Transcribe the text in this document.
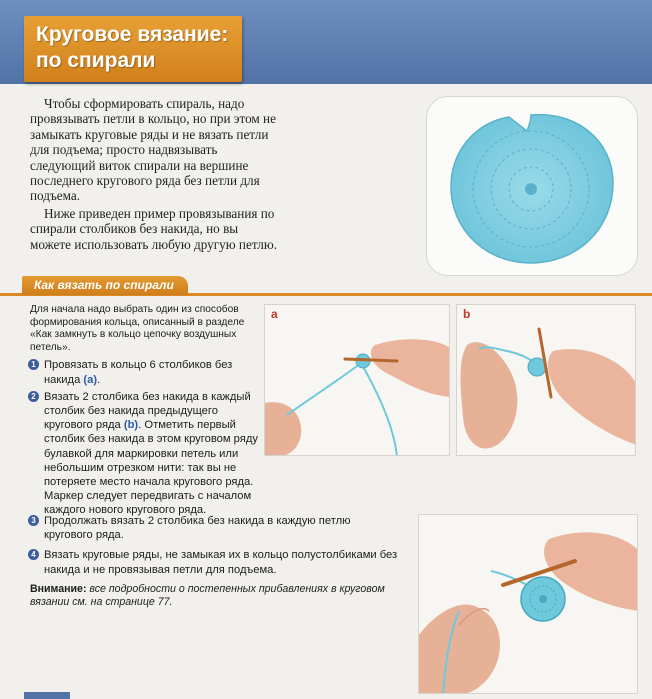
Круговое вязание:
по спирали

Чтобы сформировать спираль, надо провязывать петли в кольцо, но при этом не замыкать круговые ряды и не вязать петли для подъема; просто надвязывать следующий виток спирали на вершине последнего кругового ряда без петли для подъема.

Ниже приведен пример провязывания по спирали столбиков без накида, но вы можете использовать любую другую петлю.

Как вязать по спирали
Для начала надо выбрать один из способов формирования кольца, описанный в разделе «Как замкнуть в кольцо цепочку воздушных петель».
1 Провязать в кольцо 6 столбиков без накида (a).
2 Вязать 2 столбика без накида в каждый столбик без накида предыдущего кругового ряда (b). Отметить первый столбик без накида в этом круговом ряду булавкой для маркировки петель или небольшим отрезком нити: так вы не потеряете место начала кругового ряда. Маркер следует передвигать с началом каждого нового кругового ряда.
a	b
3 Продолжать вязать 2 столбика без накида в каждую петлю кругового ряда.
4 Вязать круговые ряды, не замыкая их в кольцо полустолбиками без накида и не провязывая петли для подъема.
Внимание: все подробности о постепенных прибавлениях в круговом вязании см. на странице 77.
